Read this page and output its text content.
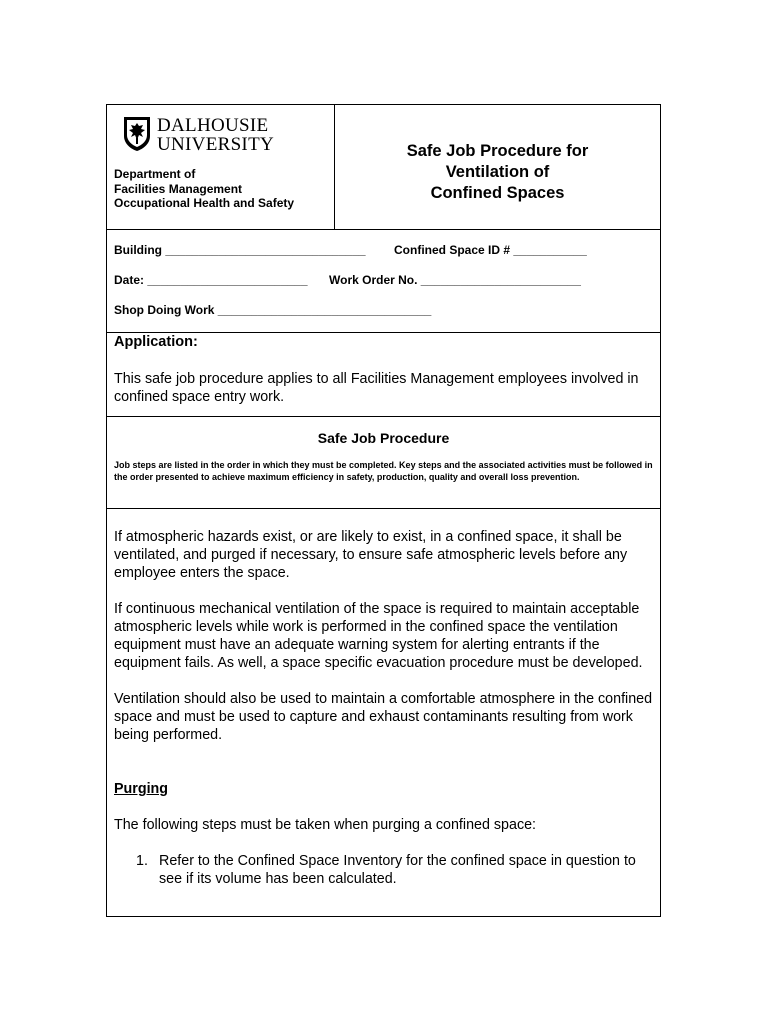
DALHOUSIE
UNIVERSITY
Department of
Facilities Management
Occupational Health and Safety
Safe Job Procedure for
Ventilation of
Confined Spaces
Building ______________________________ Confined Space ID # ___________
Date: ________________________ Work Order No. ________________________
Shop Doing Work ________________________________
Application:
This safe job procedure applies to all Facilities Management employees involved in confined space entry work.
Safe Job Procedure
Job steps are listed in the order in which they must be completed. Key steps and the associated activities must be followed in the order presented to achieve maximum efficiency in safety, production, quality and overall loss prevention.

If atmospheric hazards exist, or are likely to exist, in a confined space, it shall be ventilated, and purged if necessary, to ensure safe atmospheric levels before any employee enters the space.

If continuous mechanical ventilation of the space is required to maintain acceptable atmospheric levels while work is performed in the confined space the ventilation equipment must have an adequate warning system for alerting entrants if the equipment fails. As well, a space specific evacuation procedure must be developed.

Ventilation should also be used to maintain a comfortable atmosphere in the confined space and must be used to capture and exhaust contaminants resulting from work being performed.

Purging

The following steps must be taken when purging a confined space:

1. Refer to the Confined Space Inventory for the confined space in question to see if its volume has been calculated.
